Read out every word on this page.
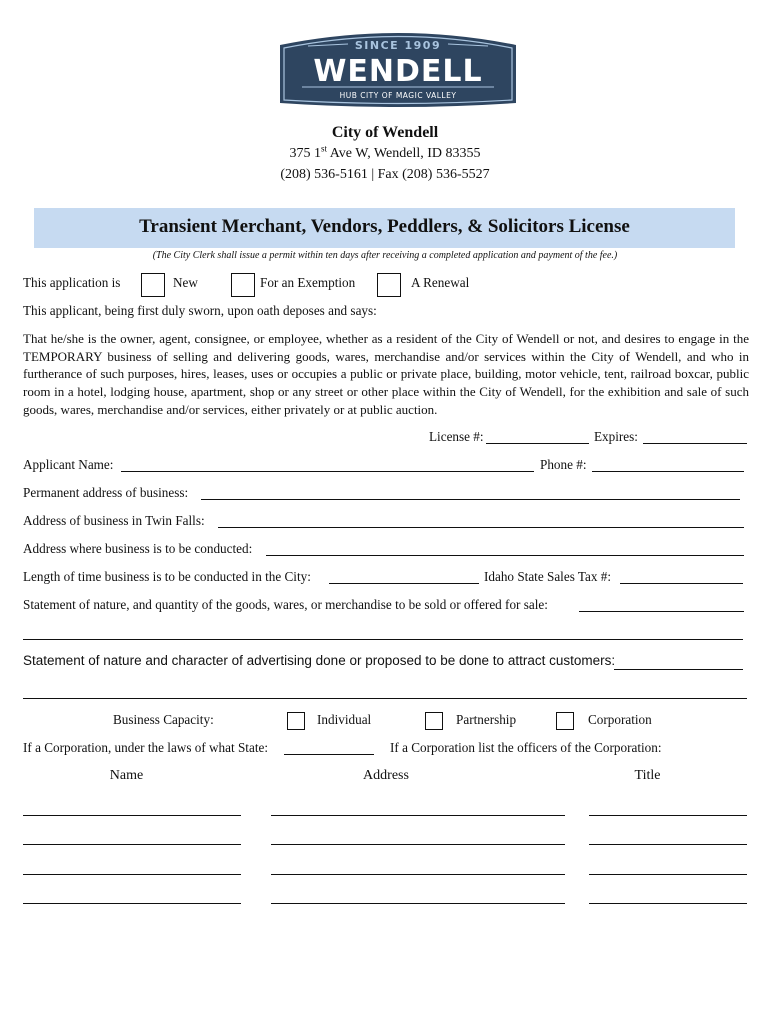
SINCE 1909
WENDELL
HUB CITY OF MAGIC VALLEY
City of Wendell
375 1st Ave W, Wendell, ID 83355
(208) 536-5161 | Fax (208) 536-5527
Transient Merchant, Vendors, Peddlers, & Solicitors License
(The City Clerk shall issue a permit within ten days after receiving a completed application and payment of the fee.)
This application is	New	For an Exemption	A Renewal
This applicant, being first duly sworn, upon oath deposes and says:
That he/she is the owner, agent, consignee, or employee, whether as a resident of the City of Wendell or not, and desires to engage in the TEMPORARY business of selling and delivering goods, wares, merchandise and/or services within the City of Wendell, and who in furtherance of such purposes, hires, leases, uses or occupies a public or private place, building, motor vehicle, tent, railroad boxcar, public room in a hotel, lodging house, apartment, shop or any street or other place within the City of Wendell, for the exhibition and sale of such goods, wares, merchandise and/or services, either privately or at public auction.
License #:	Expires:
Applicant Name:	Phone #:
Permanent address of business:
Address of business in Twin Falls:
Address where business is to be conducted:
Length of time business is to be conducted in the City:	Idaho State Sales Tax #:
Statement of nature, and quantity of the goods, wares, or merchandise to be sold or offered for sale:
Statement of nature and character of advertising done or proposed to be done to attract customers:
Business Capacity:	Individual	Partnership	Corporation
If a Corporation, under the laws of what State:	If a Corporation list the officers of the Corporation:
Name	Address	Title
